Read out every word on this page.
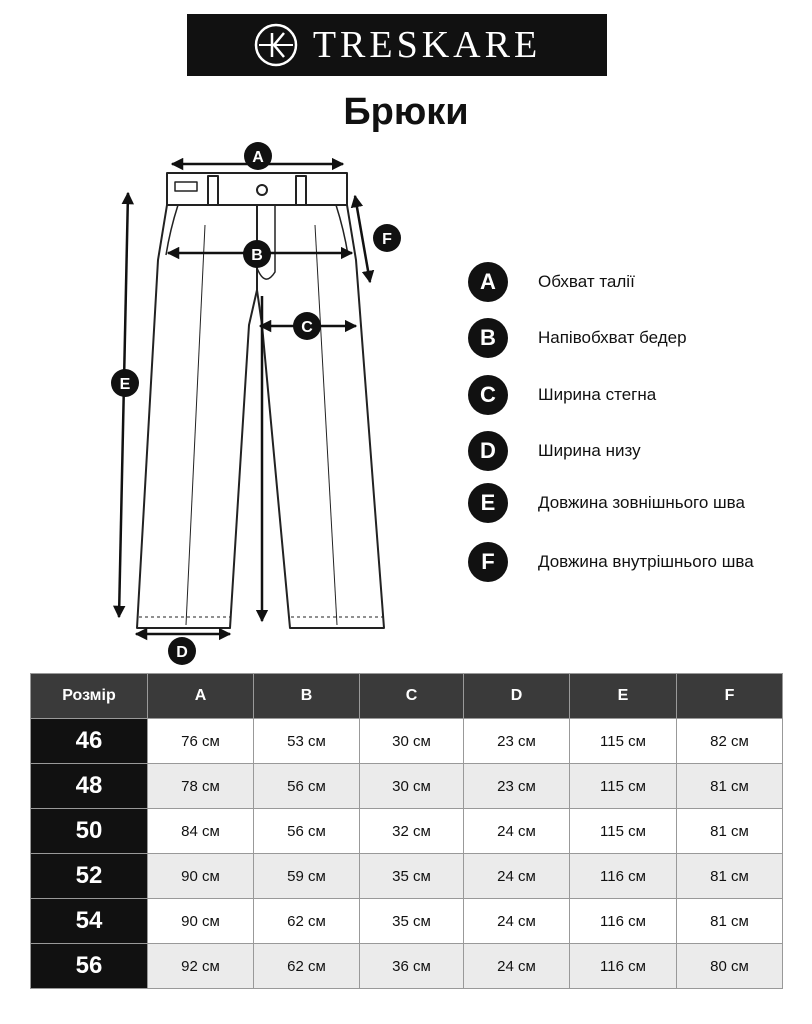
TRESKARE
Брюки
A
B
C
D
E
F
A	Обхват талії
B	Напівобхват бедер
C	Ширина стегна
D	Ширина низу
E	Довжина зовнішнього шва
F	Довжина внутрішнього шва
Розмір	A	B	C	D	E	F
46	76 см	53 см	30 см	23 см	115 см	82 см
48	78 см	56 см	30 см	23 см	115 см	81 см
50	84 см	56 см	32 см	24 см	115 см	81 см
52	90 см	59 см	35 см	24 см	116 см	81 см
54	90 см	62 см	35 см	24 см	116 см	81 см
56	92 см	62 см	36 см	24 см	116 см	80 см
